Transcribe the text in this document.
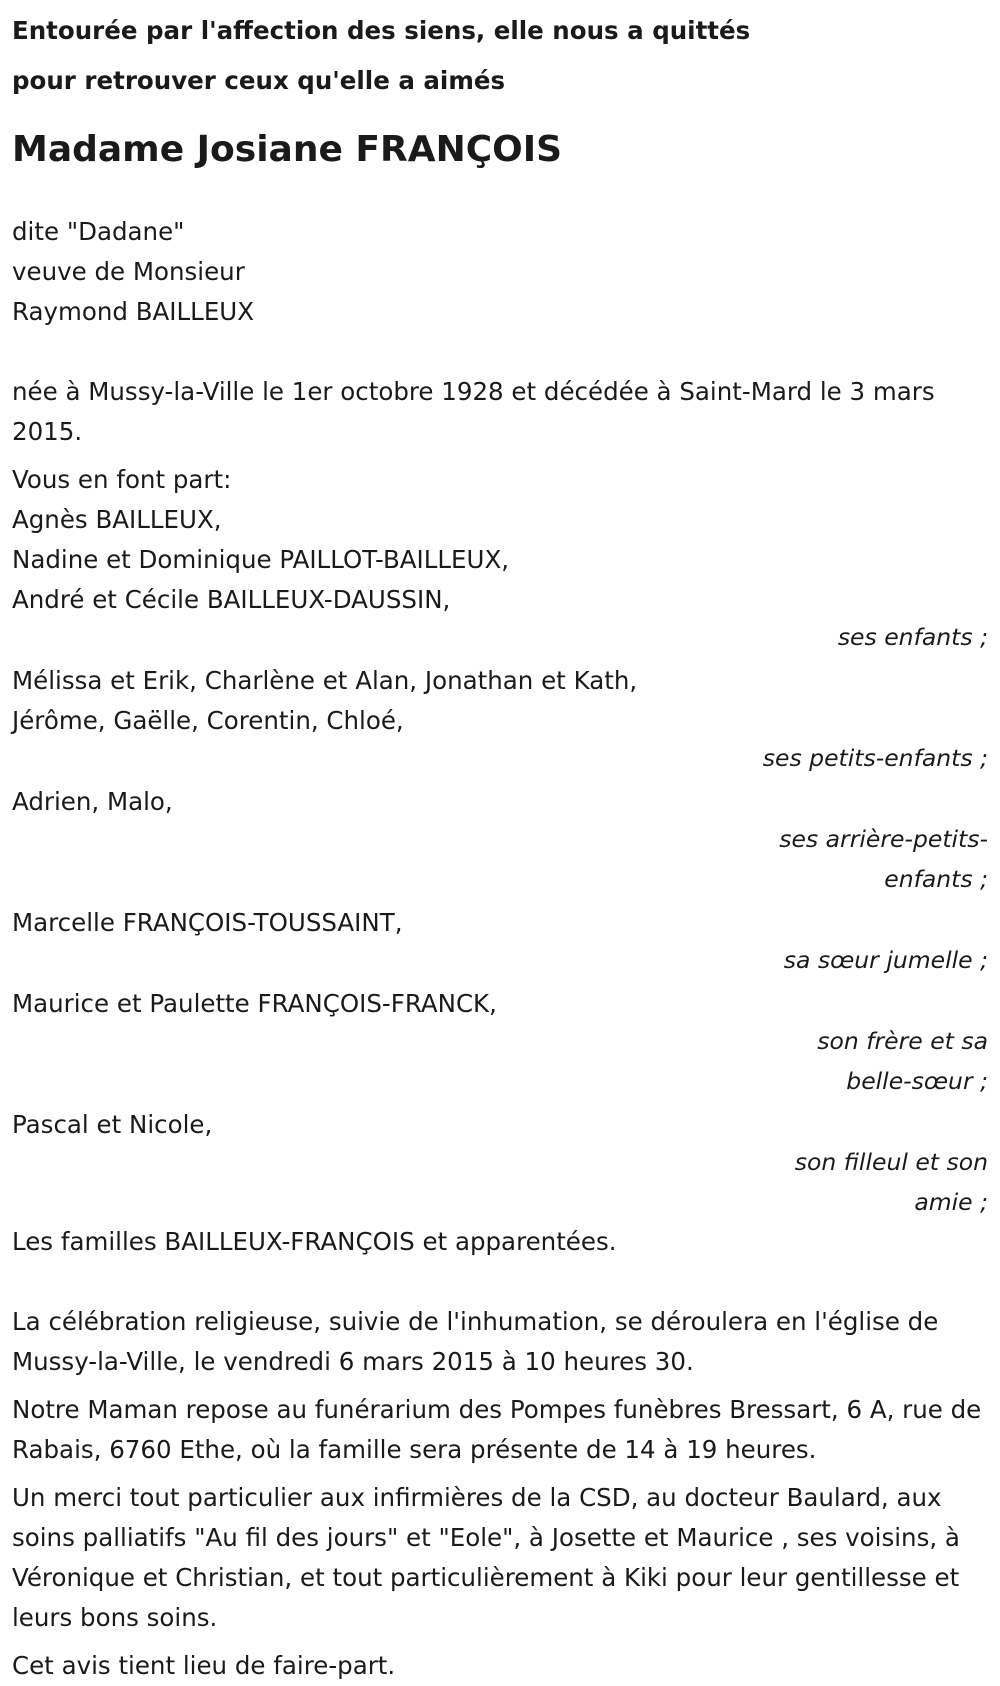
Entourée par l'affection des siens, elle nous a quittés
pour retrouver ceux qu'elle a aimés
Madame Josiane FRANÇOIS
dite "Dadane"
veuve de Monsieur
Raymond BAILLEUX
née à Mussy-la-Ville le 1er octobre 1928 et décédée à Saint-Mard le 3 mars 2015.
Vous en font part:
Agnès BAILLEUX,
Nadine et Dominique PAILLOT-BAILLEUX,
André et Cécile BAILLEUX-DAUSSIN,
ses enfants ;
Mélissa et Erik, Charlène et Alan, Jonathan et Kath,
Jérôme, Gaëlle, Corentin, Chloé,
ses petits-enfants ;
Adrien, Malo,
ses arrière-petits-enfants ;
Marcelle FRANÇOIS-TOUSSAINT,
sa sœur jumelle ;
Maurice et Paulette FRANÇOIS-FRANCK,
son frère et sa belle-sœur ;
Pascal et Nicole,
son filleul et son amie ;
Les familles BAILLEUX-FRANÇOIS et apparentées.
La célébration religieuse, suivie de l'inhumation, se déroulera en l'église de Mussy-la-Ville, le vendredi 6 mars 2015 à 10 heures 30.
Notre Maman repose au funérarium des Pompes funèbres Bressart, 6 A, rue de Rabais, 6760 Ethe, où la famille sera présente de 14 à 19 heures.
Un merci tout particulier aux infirmières de la CSD, au docteur Baulard, aux soins palliatifs "Au fil des jours" et "Eole", à Josette et Maurice , ses voisins, à Véronique et Christian, et tout particulièrement à Kiki pour leur gentillesse et leurs bons soins.
Cet avis tient lieu de faire-part.
